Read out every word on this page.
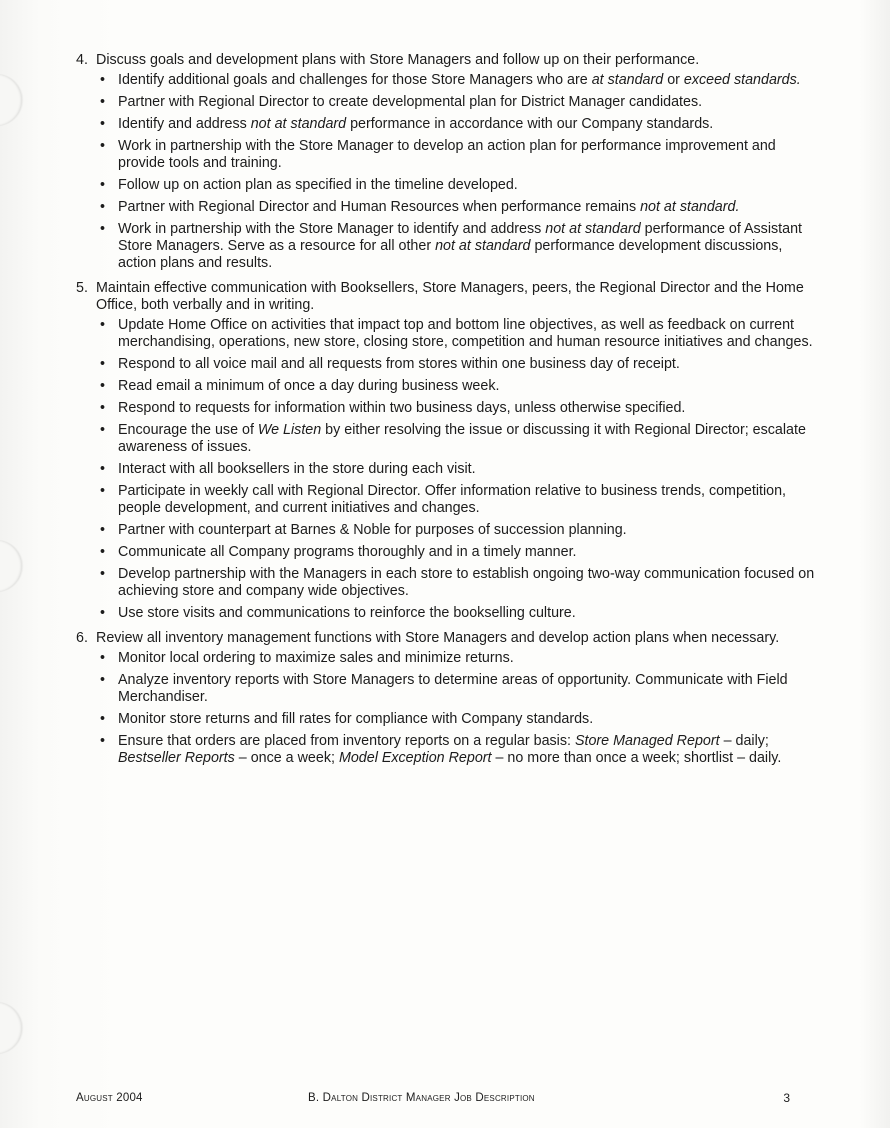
4. Discuss goals and development plans with Store Managers and follow up on their performance.
• Identify additional goals and challenges for those Store Managers who are at standard or exceed standards.
• Partner with Regional Director to create developmental plan for District Manager candidates.
• Identify and address not at standard performance in accordance with our Company standards.
• Work in partnership with the Store Manager to develop an action plan for performance improvement and provide tools and training.
• Follow up on action plan as specified in the timeline developed.
• Partner with Regional Director and Human Resources when performance remains not at standard.
• Work in partnership with the Store Manager to identify and address not at standard performance of Assistant Store Managers. Serve as a resource for all other not at standard performance development discussions, action plans and results.
5. Maintain effective communication with Booksellers, Store Managers, peers, the Regional Director and the Home Office, both verbally and in writing.
• Update Home Office on activities that impact top and bottom line objectives, as well as feedback on current merchandising, operations, new store, closing store, competition and human resource initiatives and changes.
• Respond to all voice mail and all requests from stores within one business day of receipt.
• Read email a minimum of once a day during business week.
• Respond to requests for information within two business days, unless otherwise specified.
• Encourage the use of We Listen by either resolving the issue or discussing it with Regional Director; escalate awareness of issues.
• Interact with all booksellers in the store during each visit.
• Participate in weekly call with Regional Director. Offer information relative to business trends, competition, people development, and current initiatives and changes.
• Partner with counterpart at Barnes & Noble for purposes of succession planning.
• Communicate all Company programs thoroughly and in a timely manner.
• Develop partnership with the Managers in each store to establish ongoing two-way communication focused on achieving store and company wide objectives.
• Use store visits and communications to reinforce the bookselling culture.
6. Review all inventory management functions with Store Managers and develop action plans when necessary.
• Monitor local ordering to maximize sales and minimize returns.
• Analyze inventory reports with Store Managers to determine areas of opportunity. Communicate with Field Merchandiser.
• Monitor store returns and fill rates for compliance with Company standards.
• Ensure that orders are placed from inventory reports on a regular basis: Store Managed Report – daily; Bestseller Reports – once a week; Model Exception Report – no more than once a week; shortlist – daily.
August 2004	B. Dalton District Manager Job Description	3
